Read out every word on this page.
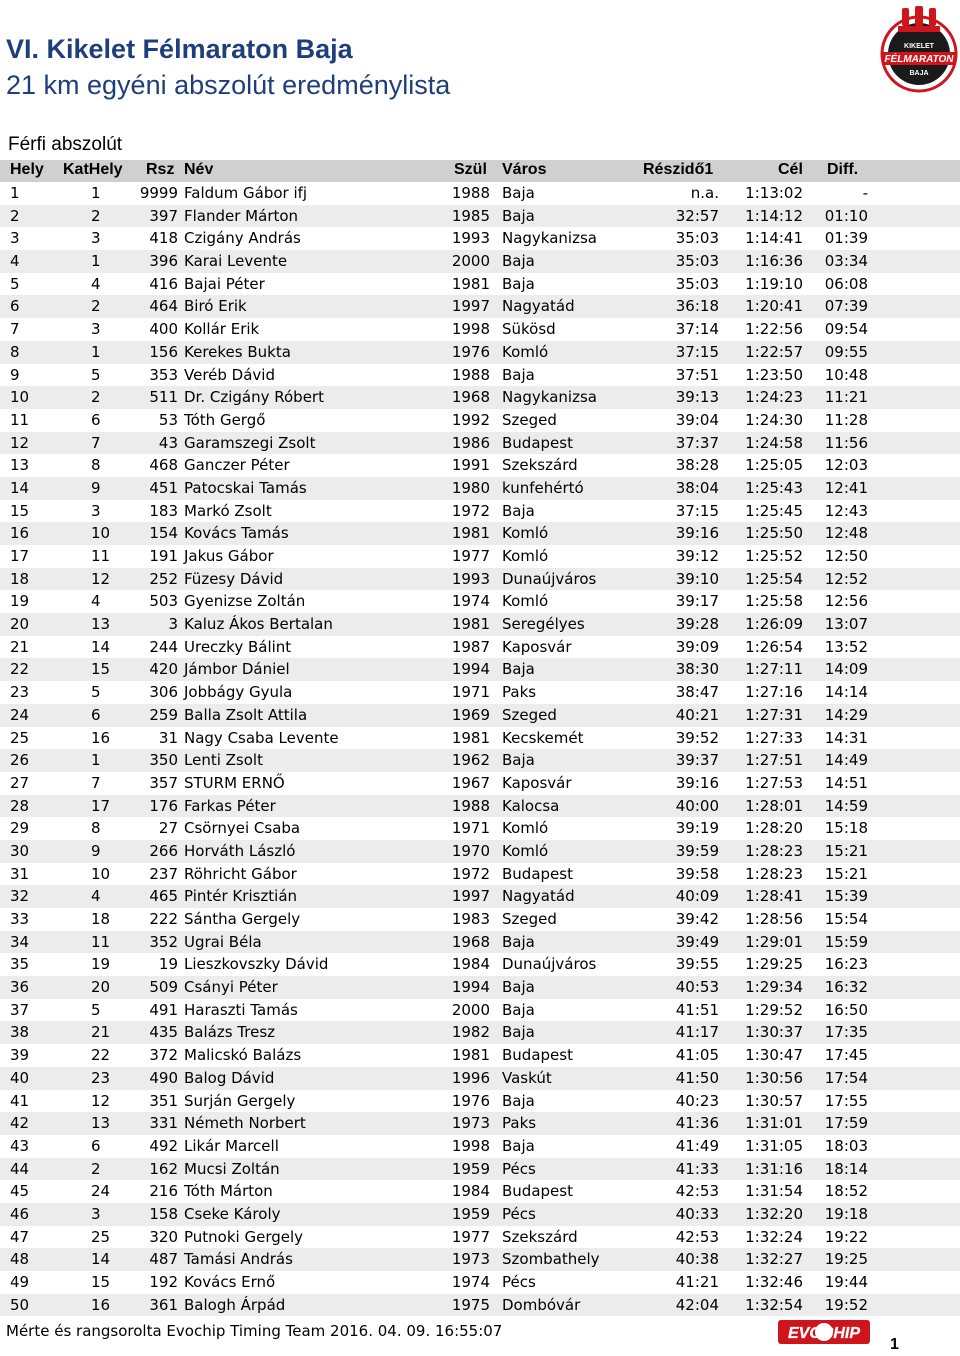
VI. Kikelet Félmaraton Baja
21 km egyéni abszolút eredménylista
KIKELET
FÉLMARATON
BAJA
Férfi abszolút
Hely KatHely Rsz Név	Szül Város	Részidő1	Cél Diff.
1	1	9999 Faldum Gábor ifj	1988 Baja	n.a. 1:13:02	-
2	2	397 Flander Márton	1985 Baja	32:57 1:14:12 01:10
3	3	418 Czigány András	1993 Nagykanizsa	35:03 1:14:41 01:39
4	1	396 Karai Levente	2000 Baja	35:03 1:16:36 03:34
5	4	416 Bajai Péter	1981 Baja	35:03 1:19:10 06:08
6	2	464 Biró Erik	1997 Nagyatád	36:18 1:20:41 07:39
7	3	400 Kollár Erik	1998 Sükösd	37:14 1:22:56 09:54
8	1	156 Kerekes Bukta	1976 Komló	37:15 1:22:57 09:55
9	5	353 Veréb Dávid	1988 Baja	37:51 1:23:50 10:48
10	2	511 Dr. Czigány Róbert	1968 Nagykanizsa	39:13 1:24:23 11:21
11	6	53 Tóth Gergő	1992 Szeged	39:04 1:24:30 11:28
12	7	43 Garamszegi Zsolt	1986 Budapest	37:37 1:24:58 11:56
13	8	468 Ganczer Péter	1991 Szekszárd	38:28 1:25:05 12:03
14	9	451 Patocskai Tamás	1980 kunfehértó	38:04 1:25:43 12:41
15	3	183 Markó Zsolt	1972 Baja	37:15 1:25:45 12:43
16	10	154 Kovács Tamás	1981 Komló	39:16 1:25:50 12:48
17	11	191 Jakus Gábor	1977 Komló	39:12 1:25:52 12:50
18	12	252 Füzesy Dávid	1993 Dunaújváros	39:10 1:25:54 12:52
19	4	503 Gyenizse Zoltán	1974 Komló	39:17 1:25:58 12:56
20	13	3 Kaluz Ákos Bertalan	1981 Seregélyes	39:28 1:26:09 13:07
21	14	244 Ureczky Bálint	1987 Kaposvár	39:09 1:26:54 13:52
22	15	420 Jámbor Dániel	1994 Baja	38:30 1:27:11 14:09
23	5	306 Jobbágy Gyula	1971 Paks	38:47 1:27:16 14:14
24	6	259 Balla Zsolt Attila	1969 Szeged	40:21 1:27:31 14:29
25	16	31 Nagy Csaba Levente	1981 Kecskemét	39:52 1:27:33 14:31
26	1	350 Lenti Zsolt	1962 Baja	39:37 1:27:51 14:49
27	7	357 STURM ERNŐ	1967 Kaposvár	39:16 1:27:53 14:51
28	17	176 Farkas Péter	1988 Kalocsa	40:00 1:28:01 14:59
29	8	27 Csörnyei Csaba	1971 Komló	39:19 1:28:20 15:18
30	9	266 Horváth László	1970 Komló	39:59 1:28:23 15:21
31	10	237 Röhricht Gábor	1972 Budapest	39:58 1:28:23 15:21
32	4	465 Pintér Krisztián	1997 Nagyatád	40:09 1:28:41 15:39
33	18	222 Sántha Gergely	1983 Szeged	39:42 1:28:56 15:54
34	11	352 Ugrai Béla	1968 Baja	39:49 1:29:01 15:59
35	19	19 Lieszkovszky Dávid	1984 Dunaújváros	39:55 1:29:25 16:23
36	20	509 Csányi Péter	1994 Baja	40:53 1:29:34 16:32
37	5	491 Haraszti Tamás	2000 Baja	41:51 1:29:52 16:50
38	21	435 Balázs Tresz	1982 Baja	41:17 1:30:37 17:35
39	22	372 Malicskó Balázs	1981 Budapest	41:05 1:30:47 17:45
40	23	490 Balog Dávid	1996 Vaskút	41:50 1:30:56 17:54
41	12	351 Surján Gergely	1976 Baja	40:23 1:30:57 17:55
42	13	331 Németh Norbert	1973 Paks	41:36 1:31:01 17:59
43	6	492 Likár Marcell	1998 Baja	41:49 1:31:05 18:03
44	2	162 Mucsi Zoltán	1959 Pécs	41:33 1:31:16 18:14
45	24	216 Tóth Márton	1984 Budapest	42:53 1:31:54 18:52
46	3	158 Cseke Károly	1959 Pécs	40:33 1:32:20 19:18
47	25	320 Putnoki Gergely	1977 Szekszárd	42:53 1:32:24 19:22
48	14	487 Tamási András	1973 Szombathely	40:38 1:32:27 19:25
49	15	192 Kovács Ernő	1974 Pécs	41:21 1:32:46 19:44
50	16	361 Balogh Árpád	1975 Dombóvár	42:04 1:32:54 19:52
Mérte és rangsorolta Evochip Timing Team 2016. 04. 09. 16:55:07	EVOCHIP
1
